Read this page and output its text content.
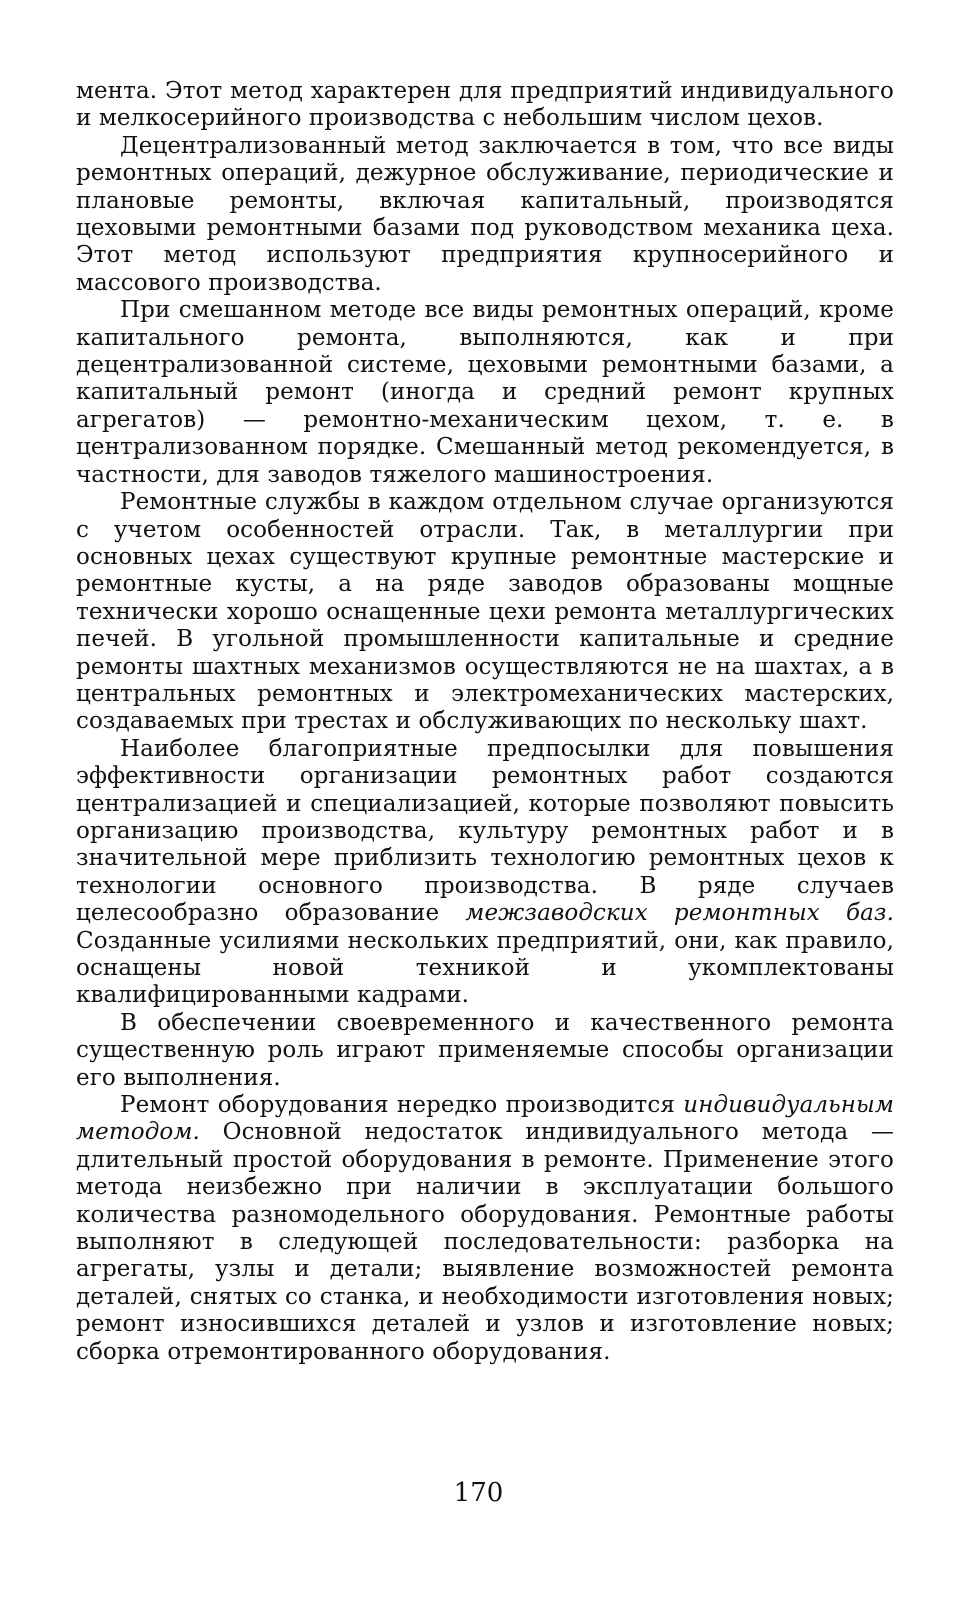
мента. Этот метод характерен для предприятий индивидуального и мелкосерийного производства с небольшим числом цехов.

Децентрализованный метод заключается в том, что все виды ремонтных операций, дежурное обслуживание, периодические и плановые ремонты, включая капитальный, производятся цеховыми ремонтными базами под руководством механика цеха. Этот метод используют предприятия крупносерийного и массового производства.

При смешанном методе все виды ремонтных операций, кроме капитального ремонта, выполняются, как и при децентрализованной системе, цеховыми ремонтными базами, а капитальный ремонт (иногда и средний ремонт крупных агрегатов) — ремонтно-механическим цехом, т. е. в централизованном порядке. Смешанный метод рекомендуется, в частности, для заводов тяжелого машиностроения.

Ремонтные службы в каждом отдельном случае организуются с учетом особенностей отрасли. Так, в металлургии при основных цехах существуют крупные ремонтные мастерские и ремонтные кусты, а на ряде заводов образованы мощные технически хорошо оснащенные цехи ремонта металлургических печей. В угольной промышленности капитальные и средние ремонты шахтных механизмов осуществляются не на шахтах, а в центральных ремонтных и электромеханических мастерских, создаваемых при трестах и обслуживающих по нескольку шахт.

Наиболее благоприятные предпосылки для повышения эффективности организации ремонтных работ создаются централизацией и специализацией, которые позволяют повысить организацию производства, культуру ремонтных работ и в значительной мере приблизить технологию ремонтных цехов к технологии основного производства. В ряде случаев целесообразно образование межзаводских ремонтных баз. Созданные усилиями нескольких предприятий, они, как правило, оснащены новой техникой и укомплектованы квалифицированными кадрами.

В обеспечении своевременного и качественного ремонта существенную роль играют применяемые способы организации его выполнения.

Ремонт оборудования нередко производится индивидуальным методом. Основной недостаток индивидуального метода — длительный простой оборудования в ремонте. Применение этого метода неизбежно при наличии в эксплуатации большого количества разномодельного оборудования. Ремонтные работы выполняют в следующей последовательности: разборка на агрегаты, узлы и детали; выявление возможностей ремонта деталей, снятых со станка, и необходимости изготовления новых; ремонт износившихся деталей и узлов и изготовление новых; сборка отремонтированного оборудования.

170
